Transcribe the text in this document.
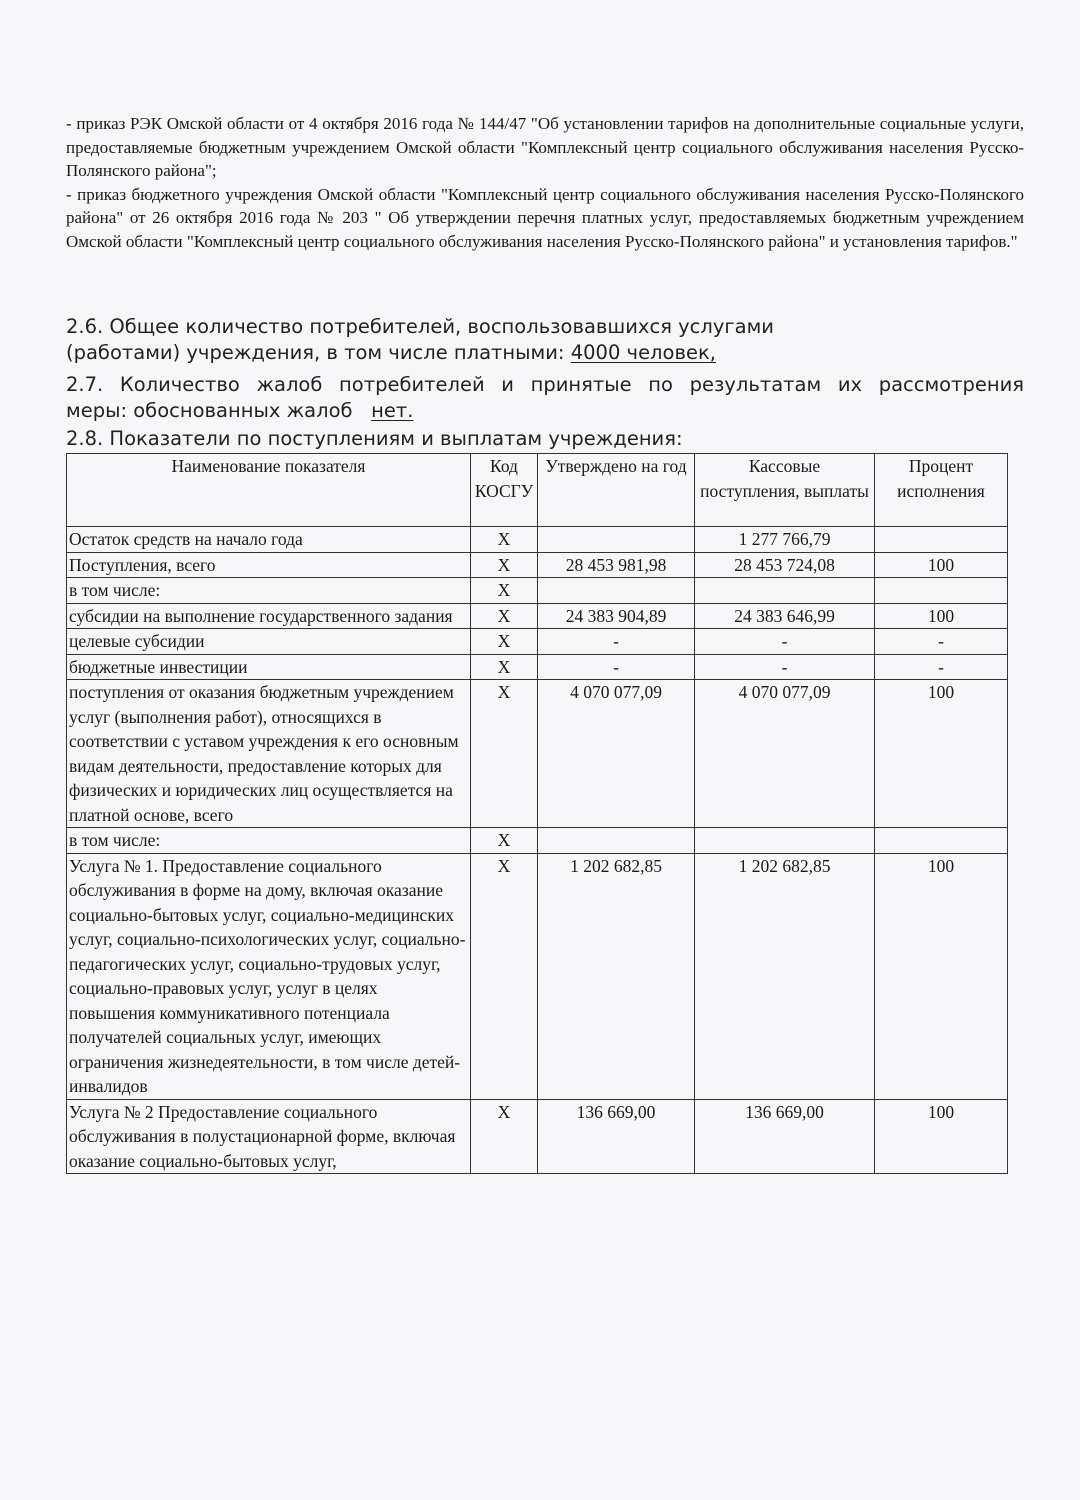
- приказ РЭК Омской области от 4 октября 2016 года № 144/47 "Об установлении тарифов на дополнительные социальные услуги, предоставляемые бюджетным учреждением Омской области "Комплексный центр социального обслуживания населения Русско-Полянского района";

- приказ бюджетного учреждения Омской области "Комплексный центр социального обслуживания населения Русско-Полянского района" от 26 октября 2016 года № 203 " Об утверждении перечня платных услуг, предоставляемых бюджетным учреждением Омской области "Комплексный центр социального обслуживания населения Русско-Полянского района" и установления тарифов."

2.6. Общее количество потребителей, воспользовавшихся услугами

(работами) учреждения, в том числе платными: 4000 человек,

2.7. Количество жалоб потребителей и принятые по результатам их рассмотрения

меры: обоснованных жалоб нет.

2.8. Показатели по поступлениям и выплатам учреждения:

Наименование показателя	Код КОСГУ	Утверждено на год	Кассовые поступления, выплаты	Процент исполнения
Остаток средств на начало года	X		1 277 766,79	
Поступления, всего	X	28 453 981,98	28 453 724,08	100
в том числе:	X			
субсидии на выполнение государственного задания	X	24 383 904,89	24 383 646,99	100
целевые субсидии	X	-	-	-
бюджетные инвестиции	X	-	-	-
поступления от оказания бюджетным учреждением услуг (выполнения работ), относящихся в соответствии с уставом учреждения к его основным видам деятельности, предоставление которых для физических и юридических лиц осуществляется на платной основе, всего	X	4 070 077,09	4 070 077,09	100
в том числе:	X			
Услуга № 1. Предоставление социального обслуживания в форме на дому, включая оказание социально-бытовых услуг, социально-медицинских услуг, социально-психологических услуг, социально-педагогических услуг, социально-трудовых услуг, социально-правовых услуг, услуг в целях повышения коммуникативного потенциала получателей социальных услуг, имеющих ограничения жизнедеятельности, в том числе детей-инвалидов	X	1 202 682,85	1 202 682,85	100
Услуга № 2 Предоставление социального обслуживания в полустационарной форме, включая оказание социально-бытовых услуг,	X	136 669,00	136 669,00	100
